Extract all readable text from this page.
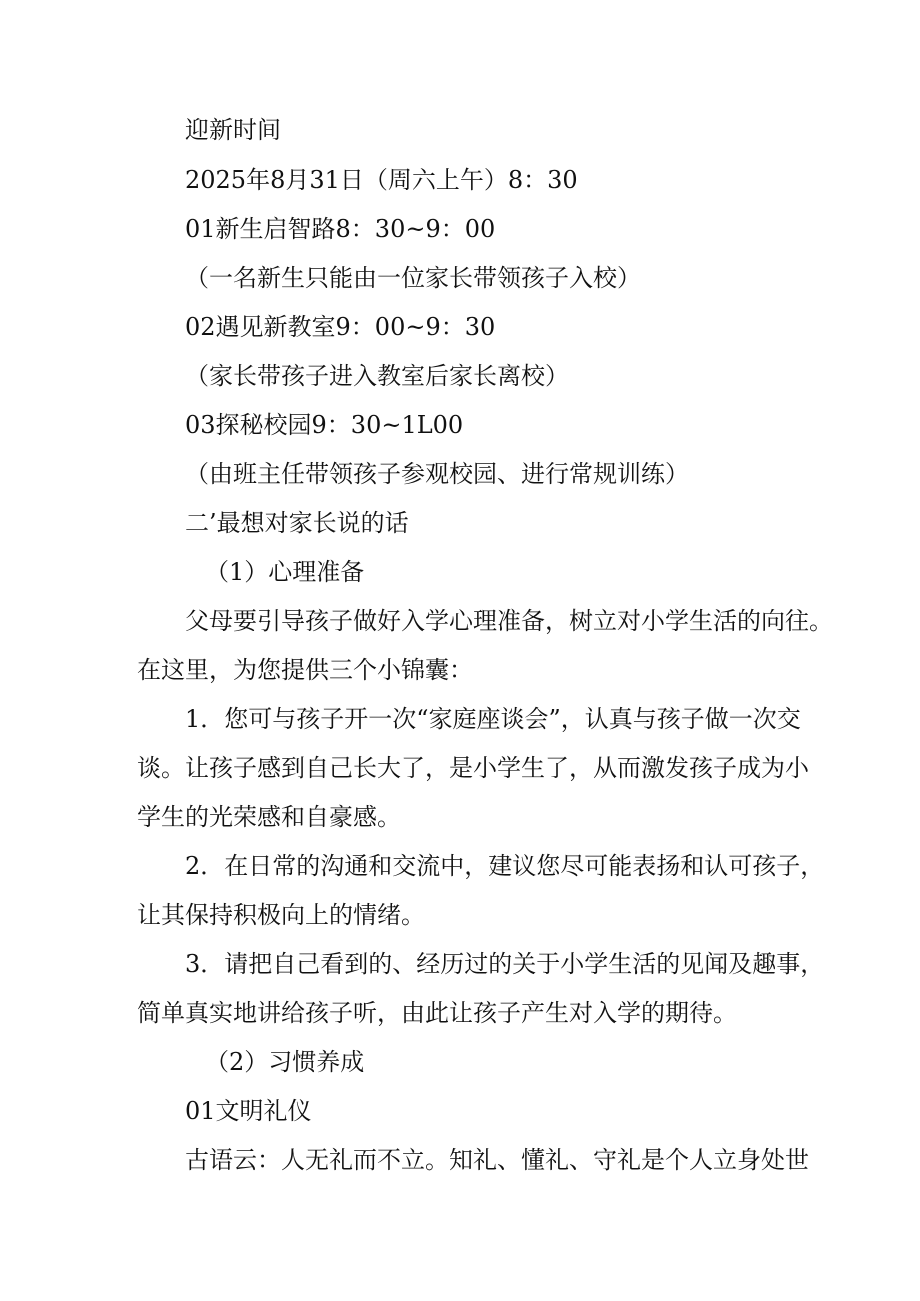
迎新时间
2025年8月31日（周六上午）8：30
01新生启智路8：30~9：00
（一名新生只能由一位家长带领孩子入校）
02遇见新教室9：00~9：30
（家长带孩子进入教室后家长离校）
03探秘校园9：30~1L00
（由班主任带领孩子参观校园、进行常规训练）
二’最想对家长说的话
（1）心理准备
父母要引导孩子做好入学心理准备，树立对小学生活的向往。
在这里，为您提供三个小锦囊：
1．您可与孩子开一次“家庭座谈会”，认真与孩子做一次交
谈。让孩子感到自己长大了，是小学生了，从而激发孩子成为小
学生的光荣感和自豪感。
2．在日常的沟通和交流中，建议您尽可能表扬和认可孩子，
让其保持积极向上的情绪。
3．请把自己看到的、经历过的关于小学生活的见闻及趣事，
简单真实地讲给孩子听，由此让孩子产生对入学的期待。
（2）习惯养成
01文明礼仪
古语云：人无礼而不立。知礼、懂礼、守礼是个人立身处世
